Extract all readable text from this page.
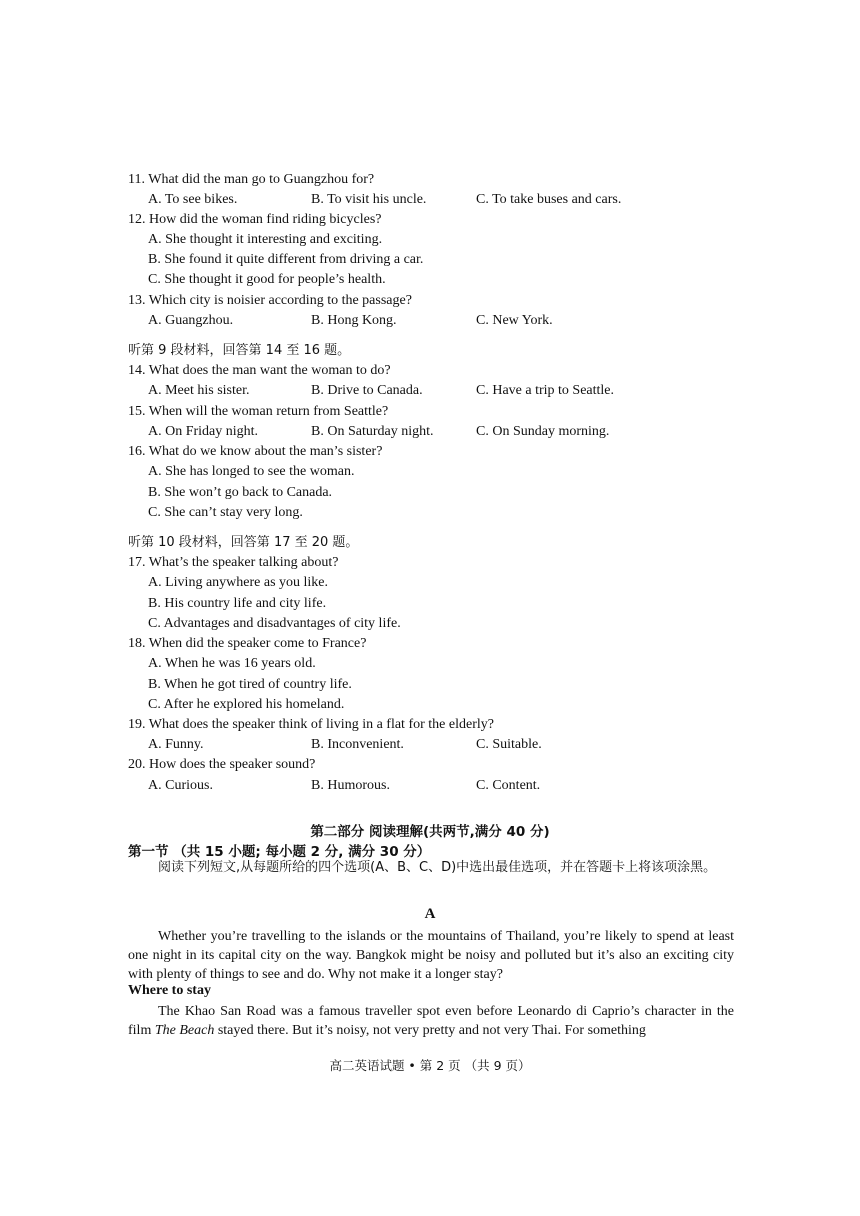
11. What did the man go to Guangzhou for?
A. To see bikes.	B. To visit his uncle.	C. To take buses and cars.
12. How did the woman find riding bicycles?
A. She thought it interesting and exciting.
B. She found it quite different from driving a car.
C. She thought it good for people’s health.
13. Which city is noisier according to the passage?
A. Guangzhou.	B. Hong Kong.	C. New York.
听第 9 段材料，回答第 14 至 16 题。
14. What does the man want the woman to do?
A. Meet his sister.	B. Drive to Canada.	C. Have a trip to Seattle.
15. When will the woman return from Seattle?
A. On Friday night.	B. On Saturday night.	C. On Sunday morning.
16. What do we know about the man’s sister?
A. She has longed to see the woman.
B. She won’t go back to Canada.
C. She can’t stay very long.
听第 10 段材料，回答第 17 至 20 题。
17. What’s the speaker talking about?
A. Living anywhere as you like.
B. His country life and city life.
C. Advantages and disadvantages of city life.
18. When did the speaker come to France?
A. When he was 16 years old.
B. When he got tired of country life.
C. After he explored his homeland.
19. What does the speaker think of living in a flat for the elderly?
A. Funny.	B. Inconvenient.	C. Suitable.
20. How does the speaker sound?
A. Curious.	B. Humorous.	C. Content.
第二部分 阅读理解(共两节,满分 40 分)
第一节 （共 15 小题; 每小题 2 分, 满分 30 分）
阅读下列短文,从每题所给的四个选项(A、B、C、D)中选出最佳选项，并在答题卡上将该项涂黑。
A
Whether you’re travelling to the islands or the mountains of Thailand, you’re likely to spend at least one night in its capital city on the way. Bangkok might be noisy and polluted but it’s also an exciting city with plenty of things to see and do. Why not make it a longer stay?
Where to stay
The Khao San Road was a famous traveller spot even before Leonardo di Caprio’s character in the film The Beach stayed there. But it’s noisy, not very pretty and not very Thai. For something
高二英语试题 • 第 2 页 （共 9 页）
